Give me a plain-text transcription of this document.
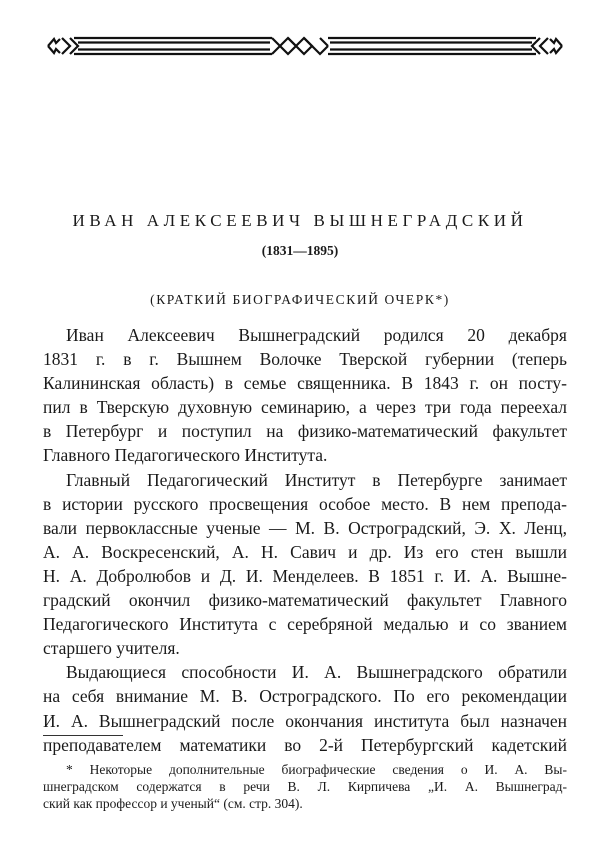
ИВАН АЛЕКСЕЕВИЧ ВЫШНЕГРАДСКИЙ
(1831—1895)
(КРАТКИЙ БИОГРАФИЧЕСКИЙ ОЧЕРК*)
Иван Алексеевич Вышнеградский родился 20 декабря
1831 г. в г. Вышнем Волочке Тверской губернии (теперь
Калининская область) в семье священника. В 1843 г. он посту-
пил в Тверскую духовную семинарию, а через три года переехал
в Петербург и поступил на физико-математический факультет
Главного Педагогического Института.
Главный Педагогический Институт в Петербурге занимает
в истории русского просвещения особое место. В нем препода-
вали первоклассные ученые — М. В. Остроградский, Э. Х. Ленц,
А. А. Воскресенский, А. Н. Савич и др. Из его стен вышли
Н. А. Добролюбов и Д. И. Менделеев. В 1851 г. И. А. Вышне-
градский окончил физико-математический факультет Главного
Педагогического Института с серебряной медалью и со званием
старшего учителя.
Выдающиеся способности И. А. Вышнеградского обратили
на себя внимание М. В. Остроградского. По его рекомендации
И. А. Вышнеградский после окончания института был назначен
преподавателем математики во 2-й Петербургский кадетский
* Некоторые дополнительные биографические сведения о И. А. Вы-
шнеградском содержатся в речи В. Л. Кирпичева „И. А. Вышнеград-
ский как профессор и ученый“ (см. стр. 304).
